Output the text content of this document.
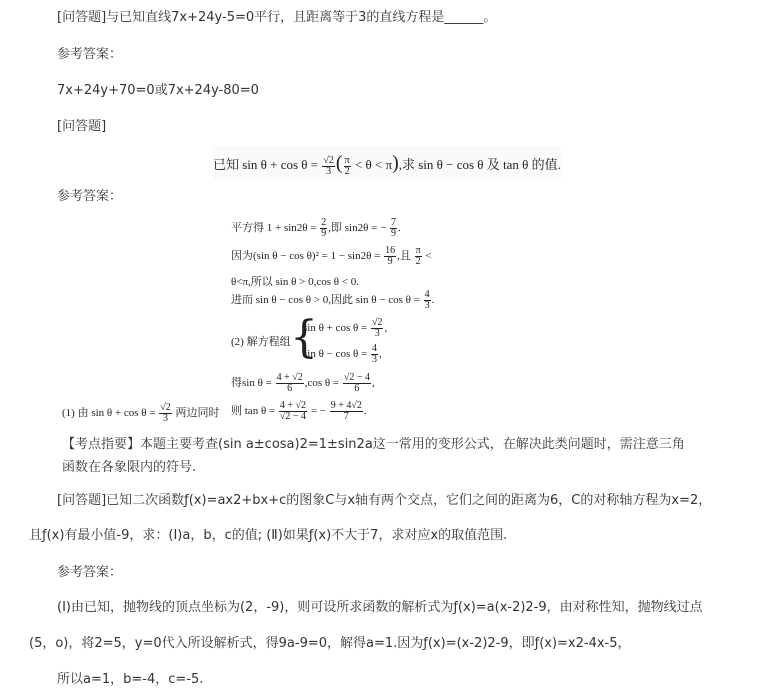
[问答题]与已知直线7x+24y-5=0平行，且距离等于3的直线方程是______。
参考答案：
7x+24y+70=0或7x+24y-80=0
[问答题]
已知 $\sin \theta + \cos \theta = \frac{√2}{3}$ ( $\frac{\pi}{2} < \theta < \pi$),求 sin θ − cos θ 及 tan θ 的值.
参考答案：
平方得 $1 + \sin 2\theta = \frac{2}{9}$ ,即 sin2θ = − $\frac{7}{9}$ .
因为(sin $\theta - \cos \theta)^2 = 1 - \sin 2\theta = \frac{16}{9}$ ,且 $\frac{\pi}{2}$ <
θ<π,所以 sin θ > 0,cos θ < 0.
进而 sin θ − cos θ > 0,因此 $\sin \theta - \cos \theta = \frac{4}{3}$ .
(2) 解方程组 {
$\sin \theta + \cos \theta = \frac{√2}{3}$ ,
$\sin \theta - \cos \theta = \frac{4}{3}$ ,
得$\sin \theta = \frac{4 + √2}{6} ,\cos$ $\theta = \frac{√2 - 4}{6}$ ,
(1) 由 $\sin \theta + \cos \theta = \frac{√2}{3}$ 两边同时 则 $\tan \theta = \frac{4 + √2}{√2 - 4}$ = − $\frac{9 + 4√2}{7}$ .
【考点指要】本题主要考查(sin a±cosa)2=1±sin2a这一常用的变形公式，在解决此类问题时，需注意三角
函数在各象限内的符号.
[问答题]已知二次函数ƒ(x)=ax2+bx+c的图象C与x轴有两个交点，它们之间的距离为6，C的对称轴方程为x=2，
且ƒ(x)有最小值-9，求：(Ⅰ)a，b，c的值; (Ⅱ)如果ƒ(x)不大于7，求对应x的取值范围.
参考答案：
(Ⅰ)由已知，抛物线的顶点坐标为(2，-9)，则可设所求函数的解析式为ƒ(x)=a(x-2)2-9，由对称性知，抛物线过点
(5，o)，将2=5，y=0代入所设解析式，得9a-9=0，解得a=1.因为ƒ(x)=(x-2)2-9，即ƒ(x)=x2-4x-5，
所以a=1，b=-4，c=-5.
